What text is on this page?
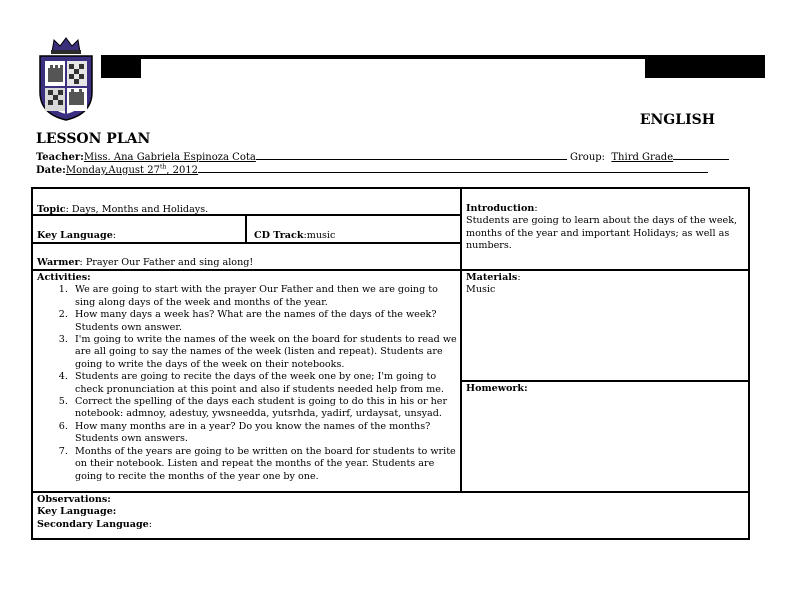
ENGLISH
LESSON PLAN
Teacher:Miss. Ana Gabriela Espinoza Cota	Group: Third Grade
Date:Monday,August 27th, 2012
Topic: Days, Months and Holidays.
Key Language:	CD Track:music
Warmer: Prayer Our Father and sing along!
Introduction:
Students are going to learn about the days of the week, months of the year and important Holidays; as well as numbers.
Activities:
1. We are going to start with the prayer Our Father and then we are going to sing along days of the week and months of the year.
2. How many days a week has? What are the names of the days of the week? Students own answer.
3. I'm going to write the names of the week on the board for students to read we are all going to say the names of the week (listen and repeat). Students are going to write the days of the week on their notebooks.
4. Students are going to recite the days of the week one by one; I'm going to check pronunciation at this point and also if students needed help from me.
5. Correct the spelling of the days each student is going to do this in his or her notebook: admnoy, adestuy, ywsneedda, yutsrhda, yadirf, urdaysat, unsyad.
6. How many months are in a year? Do you know the names of the months? Students own answers.
7. Months of the years are going to be written on the board for students to write on their notebook. Listen and repeat the months of the year. Students are going to recite the months of the year one by one.
Materials:
Music
Homework:
Observations:
Key Language:
Secondary Language:
